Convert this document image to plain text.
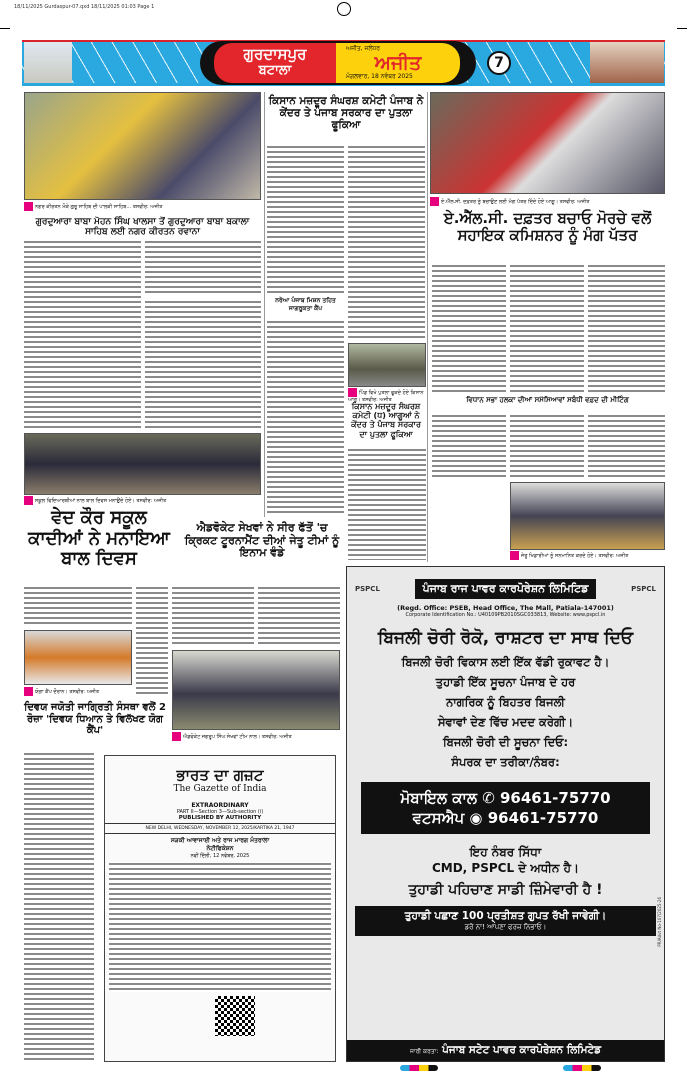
18/11/2025 Gurdaspur-07.qxd 18/11/2025 01:03 Page 1
ਗੁਰਦਾਸਪੁਰ
ਬਟਾਲਾ
ਅਜੀਤ, ਜਲੰਧਰ
ਅਜੀਤ
ਮੰਗਲਵਾਰ, 18 ਨਵੰਬਰ 2025
7
ਨਗਰ ਕੀਰਤਨ ਮੌਕੇ ਗੁਰੂ ਸਾਹਿਬ ਦੀ ਪਾਲਕੀ ਸਾਹਿਬ... ਤਸਵੀਰ: ਅਜੀਤ
ਗੁਰਦੁਆਰਾ ਬਾਬਾ ਮੋਹਨ ਸਿੰਘ ਖਾਲਸਾ ਤੋਂ ਗੁਰਦੁਆਰਾ ਬਾਬਾ ਬਕਾਲਾ ਸਾਹਿਬ ਲਈ ਨਗਰ ਕੀਰਤਨ ਰਵਾਨਾ
ਸਕੂਲ ਵਿਦਿਆਰਥੀਆਂ ਨਾਲ ਬਾਲ ਦਿਵਸ ਮਨਾਉਂਦੇ ਹੋਏ। ਤਸਵੀਰ: ਅਜੀਤ
ਵੇਦ ਕੌਰ ਸਕੂਲ ਕਾਦੀਆਂ ਨੇ ਮਨਾਇਆ ਬਾਲ ਦਿਵਸ
ਯੋਗਾ ਕੈਂਪ ਦੌਰਾਨ। ਤਸਵੀਰ: ਅਜੀਤ
ਦਿਵਯ ਜਯੋਤੀ ਜਾਗ੍ਰਿਤੀ ਸੰਸਥਾ ਵਲੋਂ 2 ਰੋਜ਼ਾ 'ਦਿਵਯ ਧਿਆਨ ਤੇ ਵਿਲੱਖਣ ਯੋਗ ਕੈਂਪ'
ਭਾਰਤ ਦਾ ਗਜ਼ਟ
The Gazette of India
EXTRAORDINARY
PART II—Section 3—Sub-section (i)
PUBLISHED BY AUTHORITY
NEW DELHI, WEDNESDAY, NOVEMBER 12, 2025/KARTIKA 21, 1947
ਸੜਕੀ ਆਵਾਜਾਈ ਅਤੇ ਰਾਜ ਮਾਰਗ ਮੰਤਰਾਲਾ
ਨੋਟੀਫਿਕੇਸ਼ਨ
ਨਵੀਂ ਦਿੱਲੀ, 12 ਨਵੰਬਰ, 2025
ਕਿਸਾਨ ਮਜ਼ਦੂਰ ਸੰਘਰਸ਼ ਕਮੇਟੀ ਪੰਜਾਬ ਨੇ ਕੇਂਦਰ ਤੇ ਪੰਜਾਬ ਸਰਕਾਰ ਦਾ ਪੁਤਲਾ ਫੂਕਿਆ
ਨਰੋਆ ਪੰਜਾਬ ਮਿਸ਼ਨ ਤਹਿਤ ਜਾਗਰੂਕਤਾ ਕੈਂਪ
ਪਿੰਡ ਵਿਖੇ ਪੁਤਲਾ ਫੂਕਦੇ ਹੋਏ ਕਿਸਾਨ ਆਗੂ। ਤਸਵੀਰ: ਅਜੀਤ
ਕਿਸਾਨ ਮਜ਼ਦੂਰ ਸੰਘਰਸ਼ ਕਮੇਟੀ (ਧ) ਆਗੂਆਂ ਨੇ ਕੇਂਦਰ ਤੇ ਪੰਜਾਬ ਸਰਕਾਰ ਦਾ ਪੁਤਲਾ ਫੂਕਿਆ
ਐਡਵੋਕੇਟ ਸੇਖਵਾਂ ਨੇ ਸੀਰ ਫੱਤੋਂ 'ਚ ਕ੍ਰਿਕਟ ਟੂਰਨਾਮੈਂਟ ਦੀਆਂ ਜੇਤੂ ਟੀਮਾਂ ਨੂੰ ਇਨਾਮ ਵੰਡੇ
ਐਡਵੋਕੇਟ ਜਗਰੂਪ ਸਿੰਘ ਸੇਖਵਾਂ ਟੀਮ ਨਾਲ। ਤਸਵੀਰ: ਅਜੀਤ
ਏ.ਐੱਲ.ਸੀ. ਦਫ਼ਤਰ ਨੂੰ ਬਚਾਉਣ ਲਈ ਮੰਗ ਪੱਤਰ ਦਿੰਦੇ ਹੋਏ ਆਗੂ। ਤਸਵੀਰ: ਅਜੀਤ
ਏ.ਐੱਲ.ਸੀ. ਦਫ਼ਤਰ ਬਚਾਓ ਮੋਰਚੇ ਵਲੋਂ ਸਹਾਇਕ ਕਮਿਸ਼ਨਰ ਨੂੰ ਮੰਗ ਪੱਤਰ
ਵਿਧਾਨ ਸਭਾ ਹਲਕਾ ਦੀਆਂ ਸਮੱਸਿਆਵਾਂ ਸਬੰਧੀ ਵਫ਼ਦ ਦੀ ਮੀਟਿੰਗ
ਜੇਤੂ ਖਿਡਾਰੀਆਂ ਨੂੰ ਸਨਮਾਨਿਤ ਕਰਦੇ ਹੋਏ। ਤਸਵੀਰ: ਅਜੀਤ
PSPCL	ਪੰਜਾਬ ਰਾਜ ਪਾਵਰ ਕਾਰਪੋਰੇਸ਼ਨ ਲਿਮਿਟਿਡ	PSPCL
(Regd. Office: PSEB, Head Office, The Mall, Patiala-147001)
Corporate Identification No.: U40109PB2010SGC033813, Website: www.pspcl.in
ਬਿਜਲੀ ਚੋਰੀ ਰੋਕੋ, ਰਾਸ਼ਟਰ ਦਾ ਸਾਥ ਦਿਓ
ਬਿਜਲੀ ਚੋਰੀ ਵਿਕਾਸ ਲਈ ਇੱਕ ਵੱਡੀ ਰੁਕਾਵਟ ਹੈ।
ਤੁਹਾਡੀ ਇੱਕ ਸੂਚਨਾ ਪੰਜਾਬ ਦੇ ਹਰ
ਨਾਗਰਿਕ ਨੂੰ ਬਿਹਤਰ ਬਿਜਲੀ
ਸੇਵਾਵਾਂ ਦੇਣ ਵਿੱਚ ਮਦਦ ਕਰੇਗੀ।
ਬਿਜਲੀ ਚੋਰੀ ਦੀ ਸੂਚਨਾ ਦਿਓ:
ਸੰਪਰਕ ਦਾ ਤਰੀਕਾ/ਨੰਬਰ:
ਮੋਬਾਇਲ ਕਾਲ ✆ 96461-75770
ਵਟਸਐਪ ◉ 96461-75770
ਇਹ ਨੰਬਰ ਸਿੱਧਾ
CMD, PSPCL ਦੇ ਅਧੀਨ ਹੈ।
ਤੁਹਾਡੀ ਪਹਿਚਾਣ ਸਾਡੀ ਜ਼ਿੰਮੇਵਾਰੀ ਹੈ !
ਤੁਹਾਡੀ ਪਛਾਣ 100 ਪ੍ਰਤੀਸ਼ਤ ਗੁਪਤ ਰੱਖੀ ਜਾਵੇਗੀ।
ਡਰੋ ਨਾ! ਆਪਣਾ ਫਰਜ਼ ਨਿਭਾਓ।	PR/Advt No-107/2025-26
ਜਾਰੀ ਕਰਤਾ: ਪੰਜਾਬ ਸਟੇਟ ਪਾਵਰ ਕਾਰਪੋਰੇਸ਼ਨ ਲਿਮਿਟੇਡ
